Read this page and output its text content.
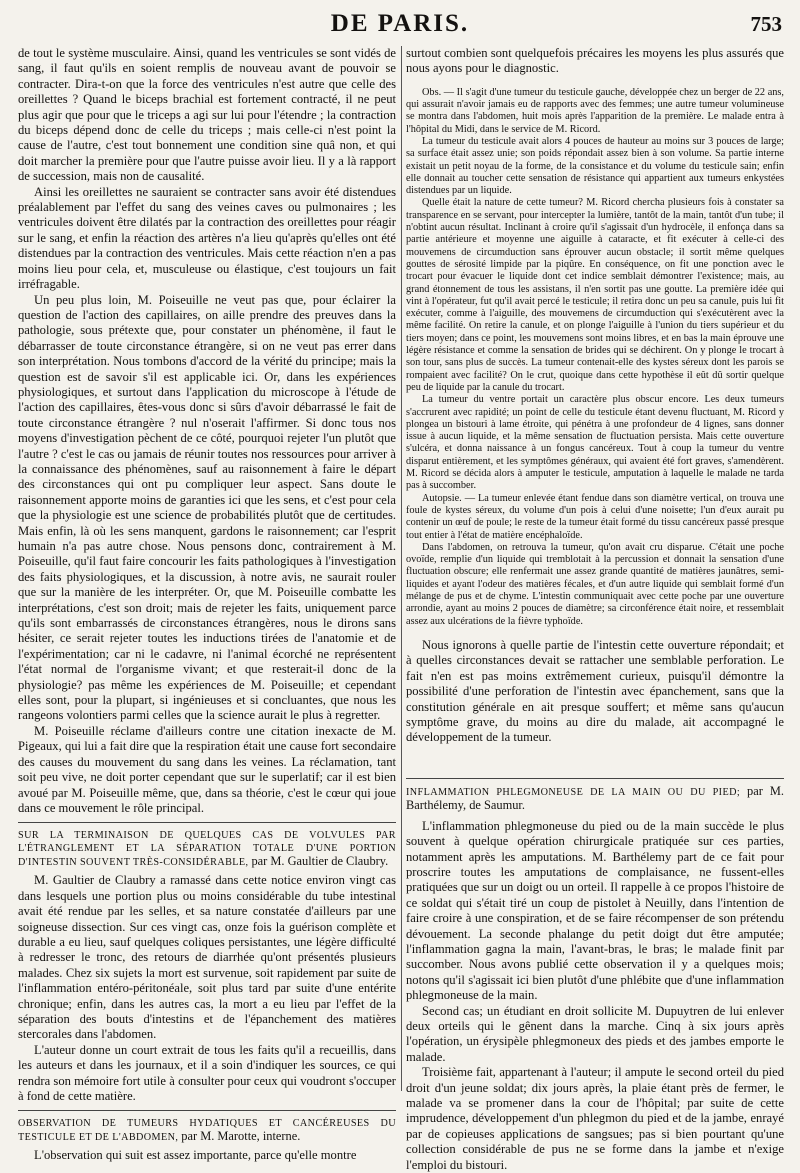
DE PARIS.	753

de tout le système musculaire. Ainsi, quand les ventricules se sont vidés de sang, il faut qu'ils en soient remplis de nouveau avant de pouvoir se contracter. Dira-t-on que la force des ventricules n'est autre que celle des oreillettes ? Quand le biceps brachial est fortement contracté, il ne peut plus agir que pour que le triceps a agi sur lui pour l'étendre ; la contraction du biceps dépend donc de celle du triceps ; mais celle-ci n'est point la cause de l'autre, c'est tout bonnement une condition sine quâ non, et qui doit marcher la première pour que l'autre puisse avoir lieu. Il y a là rapport de succession, mais non de causalité.

Ainsi les oreillettes ne sauraient se contracter sans avoir été distendues préalablement par l'effet du sang des veines caves ou pulmonaires ; les ventricules doivent être dilatés par la contraction des oreillettes pour réagir sur le sang, et enfin la réaction des artères n'a lieu qu'après qu'elles ont été distendues par la contraction des ventricules. Mais cette réaction n'en a pas moins lieu pour cela, et, musculeuse ou élastique, c'est toujours un fait irréfragable.

Un peu plus loin, M. Poiseuille ne veut pas que, pour éclairer la question de l'action des capillaires, on aille prendre des preuves dans la pathologie, sous prétexte que, pour constater un phénomène, il faut le débarrasser de toute circonstance étrangère, si on ne veut pas errer dans son interprétation. Nous tombons d'accord de la vérité du principe; mais la question est de savoir s'il est applicable ici. Or, dans les expériences physiologiques, et surtout dans l'application du microscope à l'étude de l'action des capillaires, êtes-vous donc si sûrs d'avoir débarrassé le fait de toute circonstance étrangère ? nul n'oserait l'affirmer. Si donc tous nos moyens d'investigation pèchent de ce côté, pourquoi rejeter l'un plutôt que l'autre ? c'est le cas ou jamais de réunir toutes nos ressources pour arriver à la connaissance des phénomènes, sauf au raisonnement à faire le départ des circonstances qui ont pu compliquer leur aspect. Sans doute le raisonnement apporte moins de garanties ici que les sens, et c'est pour cela que la physiologie est une science de probabilités plutôt que de certitudes. Mais enfin, là où les sens manquent, gardons le raisonnement; car l'esprit humain n'a pas autre chose. Nous pensons donc, contrairement à M. Poiseuille, qu'il faut faire concourir les faits pathologiques à l'investigation des faits physiologiques, et la discussion, à notre avis, ne saurait rouler que sur la manière de les interpréter. Or, que M. Poiseuille combatte les interprétations, c'est son droit; mais de rejeter les faits, uniquement parce qu'ils sont embarrassés de circonstances étrangères, nous le dirons sans hésiter, ce serait rejeter toutes les inductions tirées de l'anatomie et de l'expérimentation; car ni le cadavre, ni l'animal écorché ne représentent l'état normal de l'organisme vivant; et que resterait-il donc de la physiologie? pas même les expériences de M. Poiseuille; et cependant elles sont, pour la plupart, si ingénieuses et si concluantes, que nous les rangeons volontiers parmi celles que la science aurait le plus à regretter.

M. Poiseuille réclame d'ailleurs contre une citation inexacte de M. Pigeaux, qui lui a fait dire que la respiration était une cause fort secondaire des causes du mouvement du sang dans les veines. La réclamation, tant soit peu vive, ne doit porter cependant que sur le superlatif; car il est bien avoué par M. Poiseuille même, que, dans sa théorie, c'est le cœur qui joue dans ce mouvement le rôle principal.

SUR LA TERMINAISON DE QUELQUES CAS DE VOLVULES PAR L'ÉTRANGLEMENT ET LA SÉPARATION TOTALE D'UNE PORTION D'INTESTIN SOUVENT TRÈS-CONSIDÉRABLE, par M. Gaultier de Claubry.

M. Gaultier de Claubry a ramassé dans cette notice environ vingt cas dans lesquels une portion plus ou moins considérable du tube intestinal avait été rendue par les selles, et sa nature constatée d'ailleurs par une soigneuse dissection. Sur ces vingt cas, onze fois la guérison complète et durable a eu lieu, sauf quelques coliques persistantes, une légère difficulté à redresser le tronc, des retours de diarrhée qu'ont présentés plusieurs malades. Chez six sujets la mort est survenue, soit rapidement par suite de l'inflammation entéro-péritonéale, soit plus tard par suite d'une entérite chronique; enfin, dans les autres cas, la mort a eu lieu par l'effet de la séparation des bouts d'intestins et de l'épanchement des matières stercorales dans l'abdomen.

L'auteur donne un court extrait de tous les faits qu'il a recueillis, dans les auteurs et dans les journaux, et il a soin d'indiquer les sources, ce qui rendra son mémoire fort utile à consulter pour ceux qui voudront s'occuper à fond de cette matière.

OBSERVATION DE TUMEURS HYDATIQUES ET CANCÉREUSES DU TESTICULE ET DE L'ABDOMEN, par M. Marotte, interne.

L'observation qui suit est assez importante, parce qu'elle montre

surtout combien sont quelquefois précaires les moyens les plus assurés que nous ayons pour le diagnostic.

Obs. — Il s'agit d'une tumeur du testicule gauche, développée chez un berger de 22 ans, qui assurait n'avoir jamais eu de rapports avec des femmes; une autre tumeur volumineuse se montra dans l'abdomen, huit mois après l'apparition de la première. Le malade entra à l'hôpital du Midi, dans le service de M. Ricord.

La tumeur du testicule avait alors 4 pouces de hauteur au moins sur 3 pouces de large; sa surface était assez unie; son poids répondait assez bien à son volume. Sa partie interne existait un petit noyau de la forme, de la consistance et du volume du testicule sain; enfin elle donnait au toucher cette sensation de résistance qui appartient aux tumeurs enkystées distendues par un liquide.

Quelle était la nature de cette tumeur? M. Ricord chercha plusieurs fois à constater sa transparence en se servant, pour intercepter la lumière, tantôt de la main, tantôt d'un tube; il n'obtint aucun résultat. Inclinant à croire qu'il s'agissait d'un hydrocèle, il enfonça dans sa partie antérieure et moyenne une aiguille à cataracte, et fit exécuter à celle-ci des mouvemens de circumduction sans éprouver aucun obstacle; il sortit même quelques gouttes de sérosité limpide par la piqûre. En conséquence, on fit une ponction avec le trocart pour évacuer le liquide dont cet indice semblait démontrer l'existence; mais, au grand étonnement de tous les assistans, il n'en sortit pas une goutte. La première idée qui vint à l'opérateur, fut qu'il avait percé le testicule; il retira donc un peu sa canule, puis lui fit exécuter, comme à l'aiguille, des mouvemens de circumduction qui s'exécutèrent avec la même facilité. On retire la canule, et on plonge l'aiguille à l'union du tiers supérieur et du tiers moyen; dans ce point, les mouvemens sont moins libres, et en bas la main éprouve une légère résistance et comme la sensation de brides qui se déchirent. On y plonge le trocart à son tour, sans plus de succès. La tumeur contenait-elle des kystes séreux dont les parois se rompaient avec facilité? On le crut, quoique dans cette hypothèse il eût dû sortir quelque peu de liquide par la canule du trocart.

La tumeur du ventre portait un caractère plus obscur encore. Les deux tumeurs s'accrurent avec rapidité; un point de celle du testicule étant devenu fluctuant, M. Ricord y plongea un bistouri à lame étroite, qui pénétra à une profondeur de 4 lignes, sans donner issue à aucun liquide, et la même sensation de fluctuation persista. Mais cette ouverture s'ulcéra, et donna naissance à un fongus cancéreux. Tout à coup la tumeur du ventre disparut entièrement, et les symptômes généraux, qui avaient été fort graves, s'amendèrent. M. Ricord se décida alors à amputer le testicule, amputation à laquelle le malade ne tarda pas à succomber.

Autopsie. — La tumeur enlevée étant fendue dans son diamètre vertical, on trouva une foule de kystes séreux, du volume d'un pois à celui d'une noisette; l'un d'eux aurait pu contenir un œuf de poule; le reste de la tumeur était formé du tissu cancéreux passé presque tout entier à l'état de matière encéphaloïde.

Dans l'abdomen, on retrouva la tumeur, qu'on avait cru disparue. C'était une poche ovoïde, remplie d'un liquide qui tremblotait à la percussion et donnait la sensation d'une fluctuation obscure; elle renfermait une assez grande quantité de matières jaunâtres, semi-liquides et ayant l'odeur des matières fécales, et d'un autre liquide qui semblait formé d'un mélange de pus et de chyme. L'intestin communiquait avec cette poche par une ouverture arrondie, ayant au moins 2 pouces de diamètre; sa circonférence était noire, et ressemblait assez aux ulcérations de la fièvre typhoïde.

Nous ignorons à quelle partie de l'intestin cette ouverture répondait; et à quelles circonstances devait se rattacher une semblable perforation. Le fait n'en est pas moins extrêmement curieux, puisqu'il démontre la possibilité d'une perforation de l'intestin avec épanchement, sans que la constitution générale en ait presque souffert; et même sans qu'aucun symptôme grave, du moins au dire du malade, ait accompagné le développement de la tumeur.

INFLAMMATION PHLEGMONEUSE DE LA MAIN OU DU PIED; par M. Barthélemy, de Saumur.

L'inflammation phlegmoneuse du pied ou de la main succède le plus souvent à quelque opération chirurgicale pratiquée sur ces parties, notamment après les amputations. M. Barthélemy part de ce fait pour proscrire toutes les amputations de complaisance, ne fussent-elles pratiquées que sur un doigt ou un orteil. Il rappelle à ce propos l'histoire de ce soldat qui s'était tiré un coup de pistolet à Neuilly, dans l'intention de faire croire à une conspiration, et de se faire récompenser de son prétendu dévouement. La seconde phalange du petit doigt dut être amputée; l'inflammation gagna la main, l'avant-bras, le bras; le malade finit par succomber. Nous avons publié cette observation il y a quelques mois; notons qu'il s'agissait ici bien plutôt d'une phlébite que d'une inflammation phlegmoneuse de la main.

Second cas; un étudiant en droit sollicite M. Dupuytren de lui enlever deux orteils qui le gênent dans la marche. Cinq à six jours après l'opération, un érysipèle phlegmoneux des pieds et des jambes emporte le malade.

Troisième fait, appartenant à l'auteur; il ampute le second orteil du pied droit d'un jeune soldat; dix jours après, la plaie étant près de fermer, le malade va se promener dans la cour de l'hôpital; par suite de cette imprudence, développement d'un phlegmon du pied et de la jambe, enrayé par de copieuses applications de sangsues; pas si bien pourtant qu'une collection considérable de pus ne se forme dans la jambe et n'exige l'emploi du bistouri.
